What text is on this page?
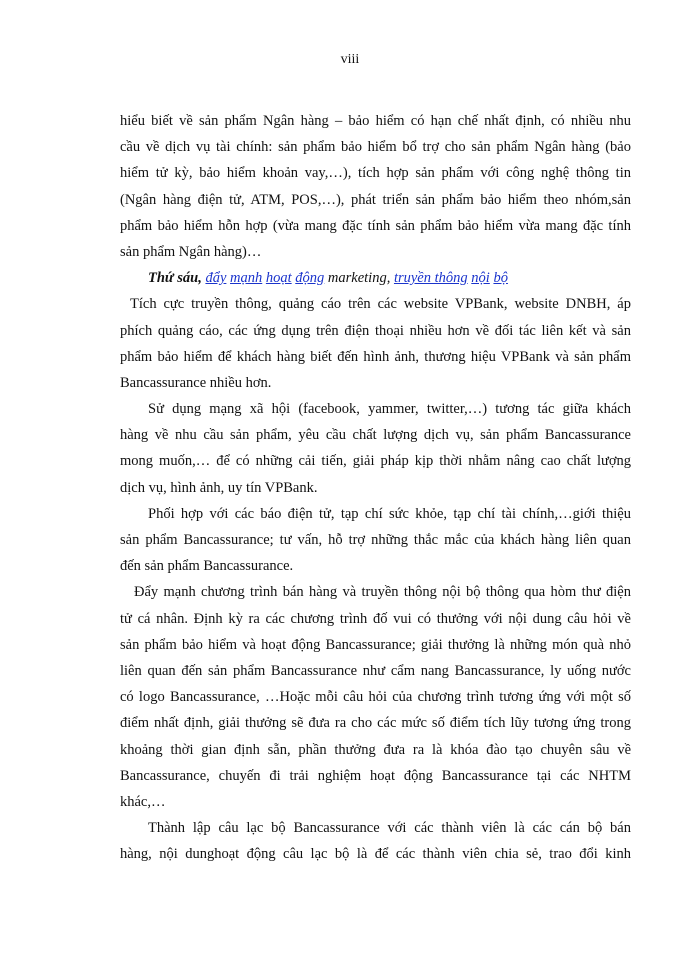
viii
hiểu biết về sản phẩm Ngân hàng – bảo hiểm có hạn chế nhất định, có nhiều nhu
cầu về dịch vụ tài chính: sản phẩm bảo hiểm bổ trợ cho sản phẩm Ngân hàng (bảo
hiểm tử kỳ, bảo hiểm khoản vay,…), tích hợp sản phẩm với công nghệ thông tin
(Ngân hàng điện tử, ATM, POS,…), phát triển sản phẩm bảo hiểm theo nhóm,sản
phẩm bảo hiểm hỗn hợp (vừa mang đặc tính sản phẩm bảo hiểm vừa mang đặc tính
sản phẩm Ngân hàng)…
Thứ sáu, đẩy mạnh hoạt động marketing, truyền thông nội bộ
Tích cực truyền thông, quảng cáo trên các website VPBank, website DNBH, áp
phích quảng cáo, các ứng dụng trên điện thoại nhiều hơn về đối tác liên kết và sản
phẩm bảo hiểm để khách hàng biết đến hình ảnh, thương hiệu VPBank và sản phẩm
Bancassurance nhiều hơn.
Sử dụng mạng xã hội (facebook, yammer, twitter,…) tương tác giữa khách
hàng về nhu cầu sản phẩm, yêu cầu chất lượng dịch vụ, sản phẩm Bancassurance
mong muốn,… để có những cải tiến, giải pháp kịp thời nhằm nâng cao chất lượng
dịch vụ, hình ảnh, uy tín VPBank.
Phối hợp với các báo điện tử, tạp chí sức khỏe, tạp chí tài chính,…giới thiệu
sản phẩm Bancassurance; tư vấn, hỗ trợ những thắc mắc của khách hàng liên quan
đến sản phẩm Bancassurance.
Đẩy mạnh chương trình bán hàng và truyền thông nội bộ thông qua hòm thư điện
tử cá nhân. Định kỳ ra các chương trình đố vui có thưởng với nội dung câu hỏi về
sản phẩm bảo hiểm và hoạt động Bancassurance; giải thưởng là những món quà nhỏ
liên quan đến sản phẩm Bancassurance như cẩm nang Bancassurance, ly uống nước
có logo Bancassurance, …Hoặc mỗi câu hỏi của chương trình tương ứng với một số
điểm nhất định, giải thưởng sẽ đưa ra cho các mức số điểm tích lũy tương ứng trong
khoảng thời gian định sẵn, phần thưởng đưa ra là khóa đào tạo chuyên sâu về
Bancassurance, chuyến đi trải nghiệm hoạt động Bancassurance tại các NHTM
khác,…
Thành lập câu lạc bộ Bancassurance với các thành viên là các cán bộ bán
hàng, nội dunghoạt động câu lạc bộ là để các thành viên chia sẻ, trao đổi kinh
